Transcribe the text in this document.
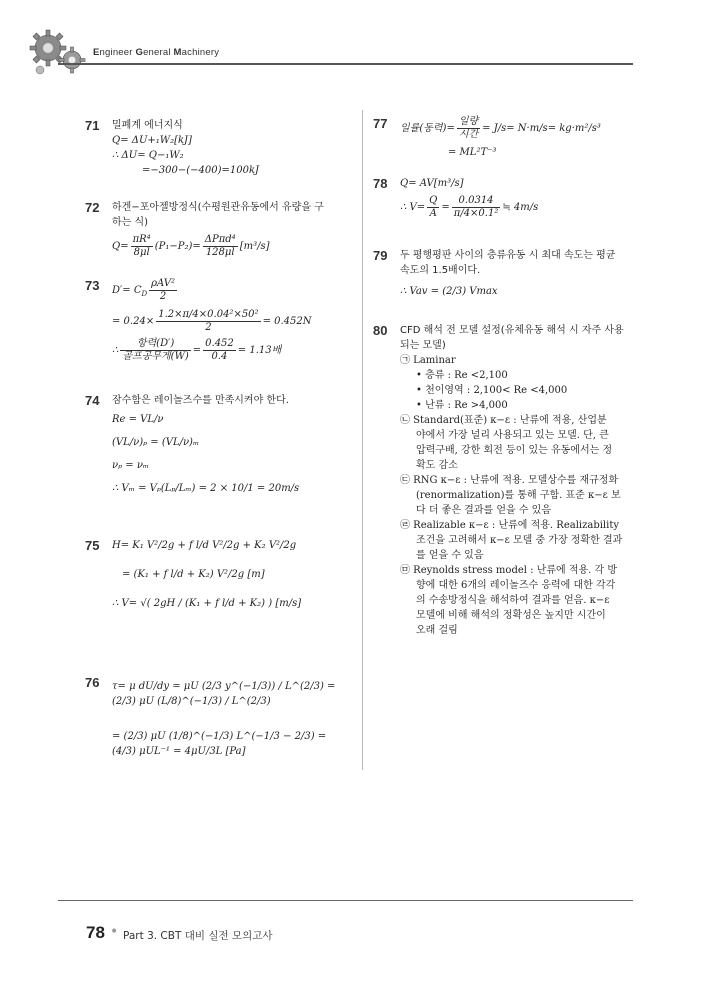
Engineer General Machinery
71 밀폐계 에너지식
Q= ΔU+₁W₂[kJ]
∴ ΔU= Q−₁W₂
=−300−(−400)=100kJ
72 하겐−포아젤방정식(수평원관유동에서 유량을 구
하는 식)
$Q= \frac{\text{πR⁴}}{8\mu l} (P_1-P_2)= \frac{\text{ΔPπd⁴}}{128\mu l} [m^3/s]$
73 $D'= C_D \frac{\text{ρAV²}}{2}$
= $0.24\times \frac{\text{1.2×π/4×0.04²×50²}}{2} = 0.452N$
∴ $\frac{\text{항력(D′)}}{\text{골프공무게(W)}} = \frac{0.452}{0.4} = 1.13$배
74 잠수함은 레이놀즈수를 만족시켜야 한다.
Re = VL/ν
(VL/ν)ₚ = (VL/ν)ₘ
νₚ = νₘ
∴ Vₘ = Vₚ(Lₚ/Lₘ) = 2 × 10/1 = 20m/s
75 H= K₁ V²/2g + f l/d V²/2g + K₂ V²/2g
= (K₁ + f l/d + K₂) V²/2g [m]
∴ V= √( 2gH / (K₁ + f l/d + K₂) ) [m/s]
76 τ= μ dU/dy = μU (2/3 y^(−1/3)) / L^(2/3) = (2/3) μU (L/8)^(−1/3) / L^(2/3)
= (2/3) μU (1/8)^(−1/3) L^(−1/3 − 2/3) = (4/3) μUL⁻¹ = 4μU/3L [Pa]
77 일률(동력)= $\frac{\text{일량}}{\text{시간}} = J/s= N\cdot m/s= kg\cdot m^2/s^3$
= ML²T⁻³
78 Q= AV[m³/s]
∴ $V= \frac{Q}{A} = \frac{0.0314}{\text{π/4×0.1²}}$ ≒ 4m/s
79 두 평행평판 사이의 층류유동 시 최대 속도는 평균
속도의 1.5배이다.
∴ Vav = (2/3) Vmax
80 CFD 해석 전 모델 설정(유체유동 해석 시 자주 사용
되는 모델)
㉠ Laminar
• 층류 : Re <2,100
• 천이영역 : 2,100< Re <4,000
• 난류 : Re >4,000
㉡ Standard(표준) κ−ε : 난류에 적용, 산업분
야에서 가장 널리 사용되고 있는 모델. 단, 큰
압력구배, 강한 회전 등이 있는 유동에서는 정
확도 감소
㉢ RNG κ−ε : 난류에 적용. 모델상수를 재규정화
(renormalization)를 통해 구함. 표준 κ−ε 보
다 더 좋은 결과를 얻을 수 있음
㉣ Realizable κ−ε : 난류에 적용. Realizability
조건을 고려해서 κ−ε 모델 중 가장 정확한 결과
를 얻을 수 있음
㉤ Reynolds stress model : 난류에 적용. 각 방
향에 대한 6개의 레이놀즈수 응력에 대한 각각
의 수송방정식을 해석하여 결과를 얻음. κ−ε
모델에 비해 해석의 정확성은 높지만 시간이
오래 걸림
78 • Part 3. CBT 대비 실전 모의고사
